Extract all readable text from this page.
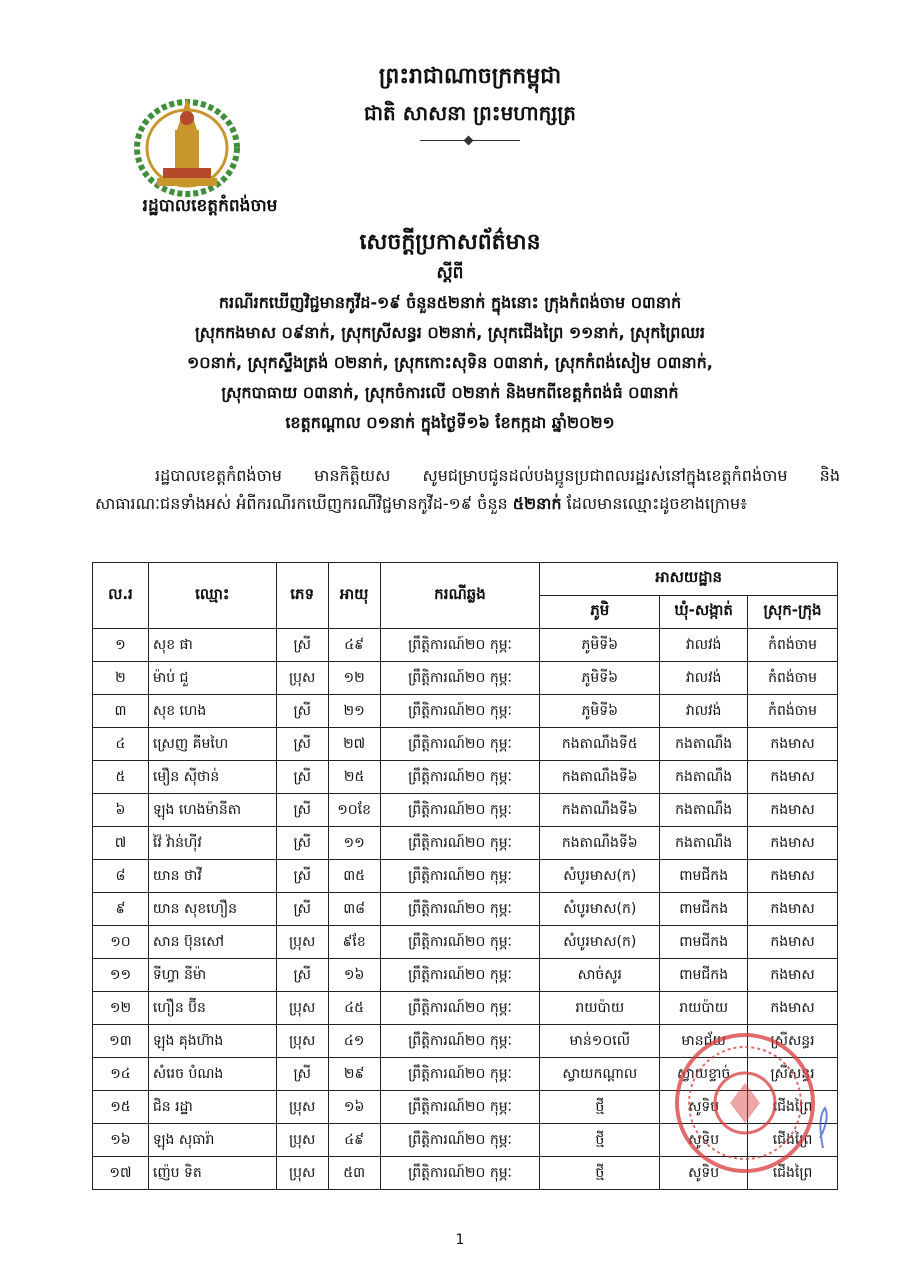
ព្រះរាជាណាចក្រកម្ពុជា
ជាតិ សាសនា ព្រះមហាក្សត្រ
រដ្ឋបាលខេត្តកំពង់ចាម
សេចក្តីប្រកាសព័ត៌មាន
ស្តីពី
ករណីរកឃើញវិជ្ជមានកូវីដ-១៩ ចំនួន៥២នាក់ ក្នុងនោះ ក្រុងកំពង់ចាម ០៣នាក់
ស្រុកកងមាស ០៩នាក់, ស្រុកស្រីសន្ធរ ០២នាក់, ស្រុកជើងព្រៃ ១១នាក់, ស្រុកព្រៃឈរ
១០នាក់, ស្រុកស្ទឹងត្រង់ ០២នាក់, ស្រុកកោះសុទិន ០៣នាក់, ស្រុកកំពង់សៀម ០៣នាក់,
ស្រុកបាធាយ ០៣នាក់, ស្រុកចំការលើ ០២នាក់ និងមកពីខេត្តកំពង់ធំ ០៣នាក់
ខេត្តកណ្តាល ០១នាក់ ក្នុងថ្ងៃទី១៦ ខែកក្កដា ឆ្នាំ២០២១

រដ្ឋបាលខេត្តកំពង់ចាម មានកិត្តិយស សូមជម្រាបជូនដល់បងប្អូនប្រជាពលរដ្ឋរស់នៅក្នុងខេត្តកំពង់ចាម និងសាធារណៈជនទាំងអស់ អំពីករណីរកឃើញករណីវិជ្ជមានកូវីដ-១៩ ចំនួន ៥២នាក់ ដែលមានឈ្មោះដូចខាងក្រោម៖

ល.រ	ឈ្មោះ	ភេទ	អាយុ	ករណីឆ្លង	អាសយដ្ឋាន		
					ភូមិ	ឃុំ-សង្កាត់	ស្រុក-ក្រុង
១	សុខ ផា	ស្រី	៤៩	ព្រឹត្តិការណ៍២០ កុម្ភៈ	ភូមិទី៦	វាលវង់	កំពង់ចាម
២	ម៉ាប់ ជួ	ប្រុស	១២	ព្រឹត្តិការណ៍២០ កុម្ភៈ	ភូមិទី៦	វាលវង់	កំពង់ចាម
៣	សុខ ហេង	ស្រី	២១	ព្រឹត្តិការណ៍២០ កុម្ភៈ	ភូមិទី៦	វាលវង់	កំពង់ចាម
៤	ស្រេញ គីមហៃ	ស្រី	២៧	ព្រឹត្តិការណ៍២០ កុម្ភៈ	កងតាណឹងទី៥	កងតាណឹង	កងមាស
៥	មឿន ស៊ីថាន់	ស្រី	២៥	ព្រឹត្តិការណ៍២០ កុម្ភៈ	កងតាណឹងទី៦	កងតាណឹង	កងមាស
៦	ឡុង ហេងម៉ានីតា	ស្រី	១០ខែ	ព្រឹត្តិការណ៍២០ កុម្ភៈ	កងតាណឹងទី៦	កងតាណឹង	កងមាស
៧	វ៉ៃ វ៉ាន់ហ៊ីវ	ស្រី	១១	ព្រឹត្តិការណ៍២០ កុម្ភៈ	កងតាណឹងទី៦	កងតាណឹង	កងមាស
៨	យាន ថាវី	ស្រី	៣៥	ព្រឹត្តិការណ៍២០ កុម្ភៈ	សំបូរមាស(ក)	ពាមជីកង	កងមាស
៩	យាន សុខហឿន	ស្រី	៣៨	ព្រឹត្តិការណ៍២០ កុម្ភៈ	សំបូរមាស(ក)	ពាមជីកង	កងមាស
១០	សាន ប៊ុនសៅ	ប្រុស	៩ខែ	ព្រឹត្តិការណ៍២០ កុម្ភៈ	សំបូរមាស(ក)	ពាមជីកង	កងមាស
១១	ទីហ្វា នីម៉ា	ស្រី	១៦	ព្រឹត្តិការណ៍២០ កុម្ភៈ	សាច់សូរ	ពាមជីកង	កងមាស
១២	ហឿន ប៊ីន	ប្រុស	៤៥	ព្រឹត្តិការណ៍២០ កុម្ភៈ	រាយប៉ាយ	រាយប៉ាយ	កងមាស
១៣	ឡុង គុងហ៊ាង	ប្រុស	៤១	ព្រឹត្តិការណ៍២០ កុម្ភៈ	មាន់១០លើ	មានជ័យ	ស្រីសន្ធរ
១៤	សំរេច បំណង	ស្រី	២៩	ព្រឹត្តិការណ៍២០ កុម្ភៈ	ស្វាយកណ្តាល	ស្វាយខ្ទាច់	ស្រីសន្ធរ
១៥	ជិន រដ្ឋា	ប្រុស	១៦	ព្រឹត្តិការណ៍២០ កុម្ភៈ	ថ្មី	សូទិប	ជើងព្រៃ
១៦	ឡុង សុធារ៉ា	ប្រុស	៤៩	ព្រឹត្តិការណ៍២០ កុម្ភៈ	ថ្មី	សូទិប	ជើងព្រៃ
១៧	ញ៉េប ទិត	ប្រុស	៥៣	ព្រឹត្តិការណ៍២០ កុម្ភៈ	ថ្មី	សូទិប	ជើងព្រៃ
1
